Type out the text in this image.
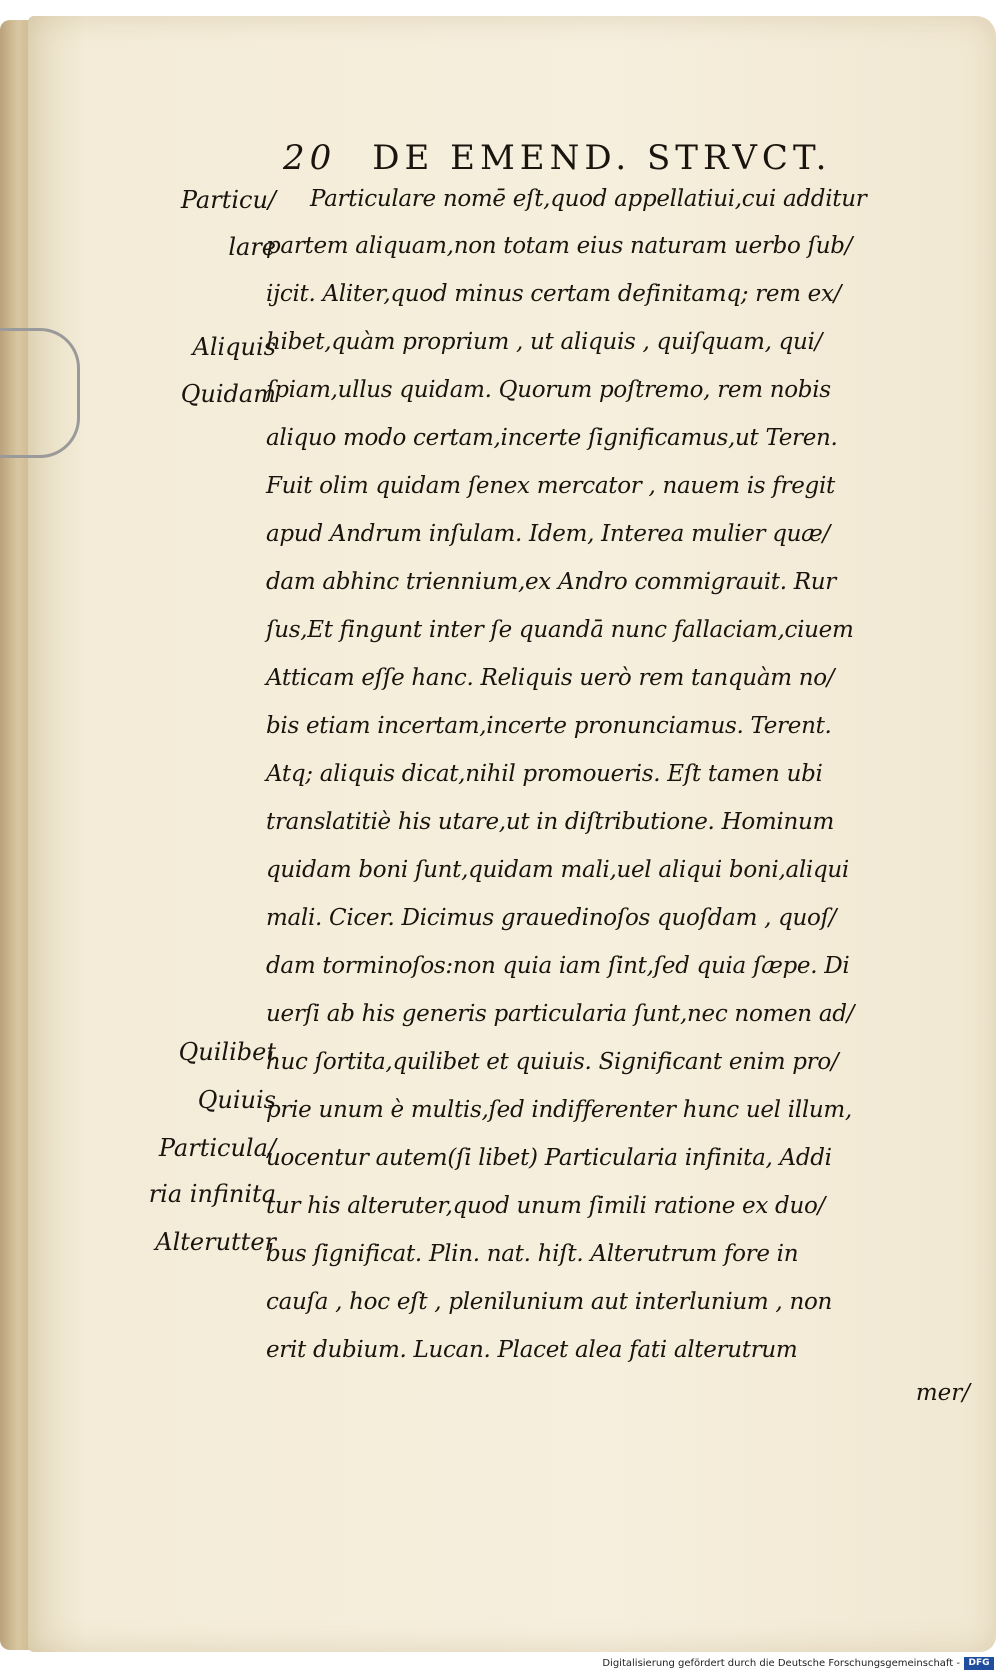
20 DE EMEND. STRVCT.
Particu/
lare
Aliquis
Quidam
Quilibet
Quiuis
Particula/
ria infinita
Alterutter
Particulare nomē eſt,quod appellatiui,cui additur
partem aliquam,non totam eius naturam uerbo ſub/
ijcit. Aliter,quod minus certam definitamq; rem ex/
hibet,quàm proprium , ut aliquis , quiſquam, qui/
ſpiam,ullus quidam. Quorum poſtremo, rem nobis
aliquo modo certam,incerte ſignificamus,ut Teren.
Fuit olim quidam ſenex mercator , nauem is fregit
apud Andrum inſulam. Idem, Interea mulier quæ/
dam abhinc triennium,ex Andro commigrauit. Rur
ſus,Et fingunt inter ſe quandā nunc fallaciam,ciuem
Atticam eſſe hanc. Reliquis uerò rem tanquàm no/
bis etiam incertam,incerte pronunciamus. Terent.
Atq; aliquis dicat,nihil promoueris. Eſt tamen ubi
translatitiè his utare,ut in diſtributione. Hominum
quidam boni ſunt,quidam mali,uel aliqui boni,aliqui
mali. Cicer. Dicimus grauedinoſos quoſdam , quoſ/
dam torminoſos:non quia iam ſint,ſed quia ſæpe. Di
uerſi ab his generis particularia ſunt,nec nomen ad/
huc ſortita,quilibet et quiuis. Significant enim pro/
prie unum è multis,ſed indifferenter hunc uel illum,
uocentur autem(ſi libet) Particularia infinita, Addi
tur his alteruter,quod unum ſimili ratione ex duo/
bus ſignificat. Plin. nat. hiſt. Alterutrum fore in
cauſa , hoc eſt , plenilunium aut interlunium , non
erit dubium. Lucan. Placet alea fati alterutrum
mer/
Digitalisierung gefördert durch die Deutsche Forschungsgemeinschaft - DFG
